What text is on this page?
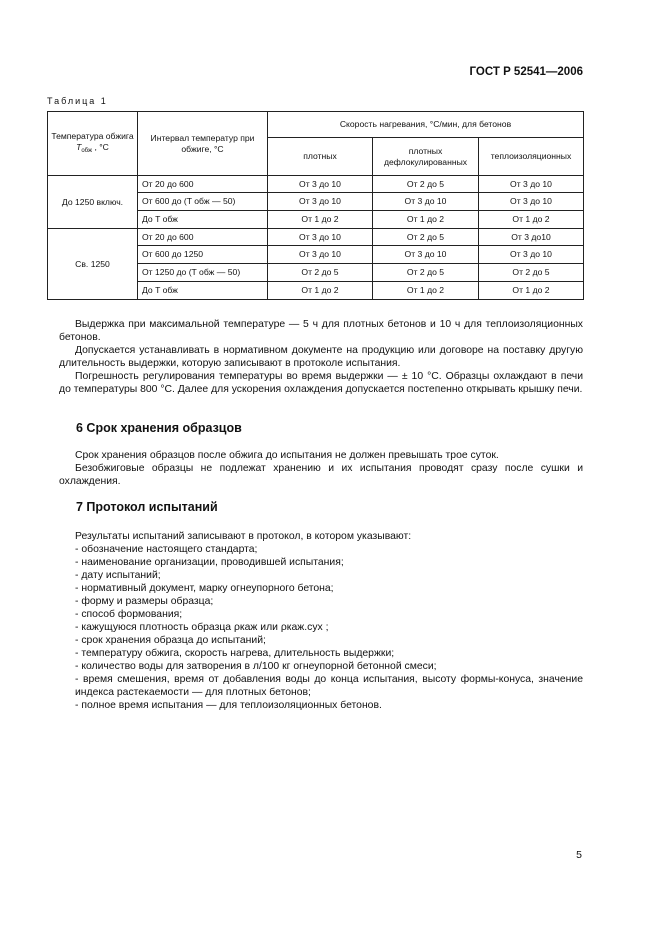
ГОСТ Р 52541—2006
Таблица 1
Температура обжига $T_{обж}$ , °С	Интервал температур при обжиге, °С	Скорость нагревания, °С/мин, для бетонов		
		плотных	плотных дефлокулированных	теплоизоляционных
До 1250 включ.	От 20 до 600	От 3 до 10	От 2 до 5	От 3 до 10
	От 600 до (T обж — 50)	От 3 до 10	От 3 до 10	От 3 до 10
	До T обж	От 1 до 2	От 1 до 2	От 1 до 2
Св. 1250	От 20 до 600	От 3 до 10	От 2 до 5	От 3 до10
	От 600 до 1250	От 3 до 10	От 3 до 10	От 3 до 10
	От 1250 до (T обж — 50)	От 2 до 5	От 2 до 5	От 2 до 5
	До T обж	От 1 до 2	От 1 до 2	От 1 до 2

Выдержка при максимальной температуре — 5 ч для плотных бетонов и 10 ч для теплоизоляционных бетонов.

Допускается устанавливать в нормативном документе на продукцию или договоре на поставку другую длительность выдержки, которую записывают в протоколе испытания.

Погрешность регулирования температуры во время выдержки — ± 10 °С. Образцы охлаждают в печи до температуры 800 °С. Далее для ускорения охлаждения допускается постепенно открывать крышку печи.

6 Срок хранения образцов

Срок хранения образцов после обжига до испытания не должен превышать трое суток.

Безобжиговые образцы не подлежат хранению и их испытания проводят сразу после сушки и охлаждения.

7 Протокол испытаний

Результаты испытаний записывают в протокол, в котором указывают:

- обозначение настоящего стандарта;

- наименование организации, проводившей испытания;

- дату испытаний;

- нормативный документ, марку огнеупорного бетона;

- форму и размеры образца;

- способ формования;

- кажущуюся плотность образца ρкаж или ρкаж.сух ;

- срок хранения образца до испытаний;

- температуру обжига, скорость нагрева, длительность выдержки;

- количество воды для затворения в л/100 кг огнеупорной бетонной смеси;

- время смешения, время от добавления воды до конца испытания, высоту формы-конуса, значение индекса растекаемости — для плотных бетонов;

- полное время испытания — для теплоизоляционных бетонов.

5
